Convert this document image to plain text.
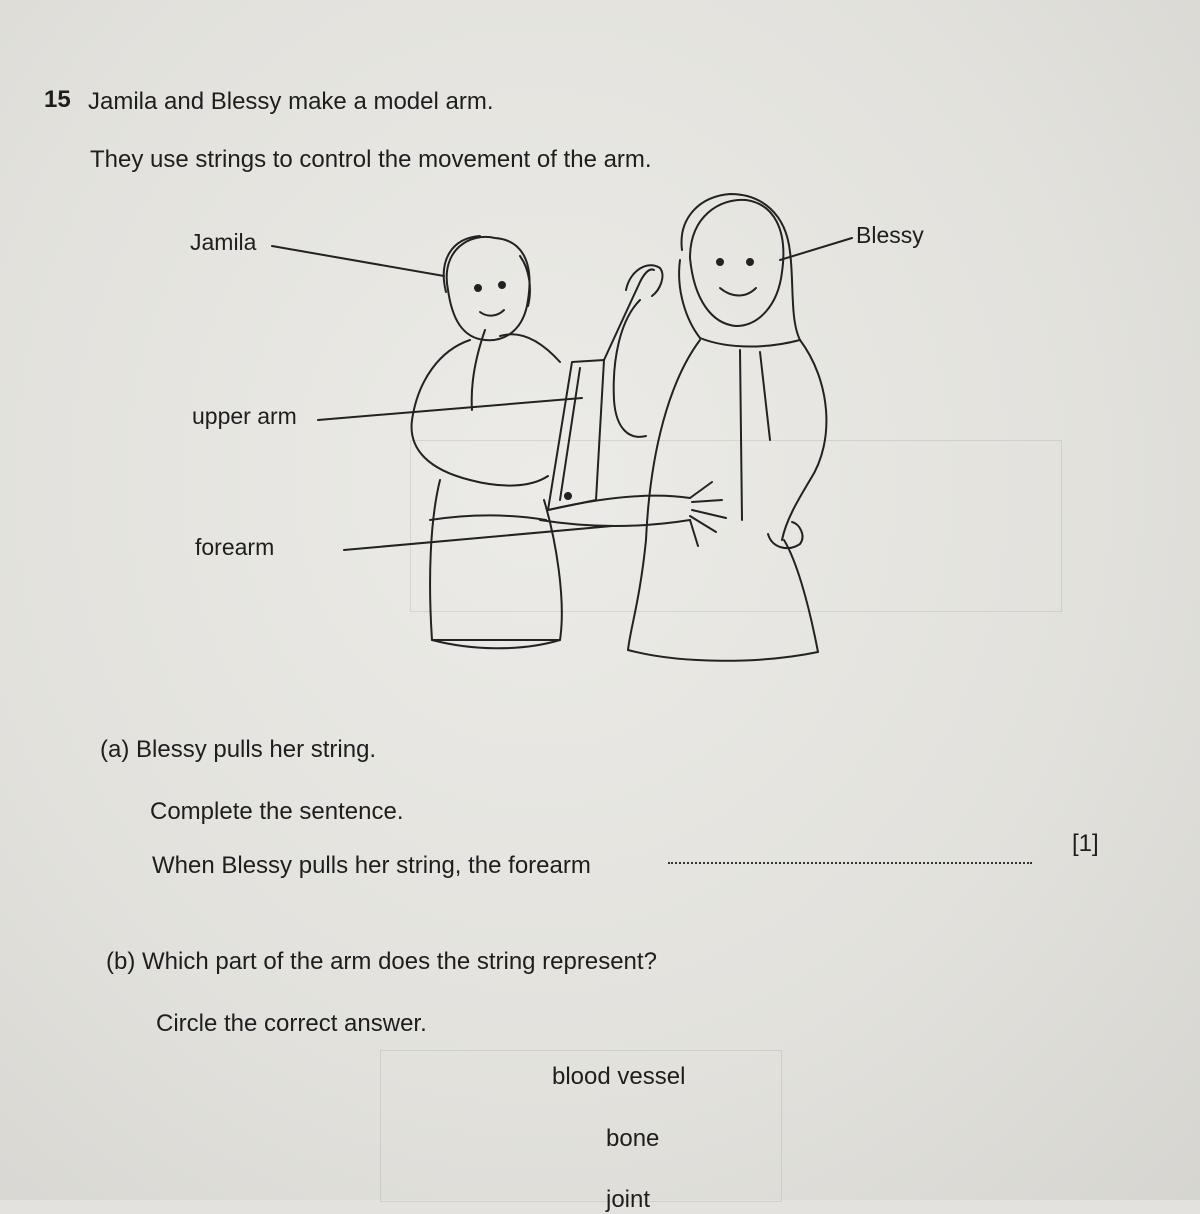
15 Jamila and Blessy make a model arm.
They use strings to control the movement of the arm.
Jamila	Blessy
upper arm
forearm
(a) Blessy pulls her string.
Complete the sentence.
When Blessy pulls her string, the forearm
[1]
(b) Which part of the arm does the string represent?
Circle the correct answer.
blood vessel
bone
joint
